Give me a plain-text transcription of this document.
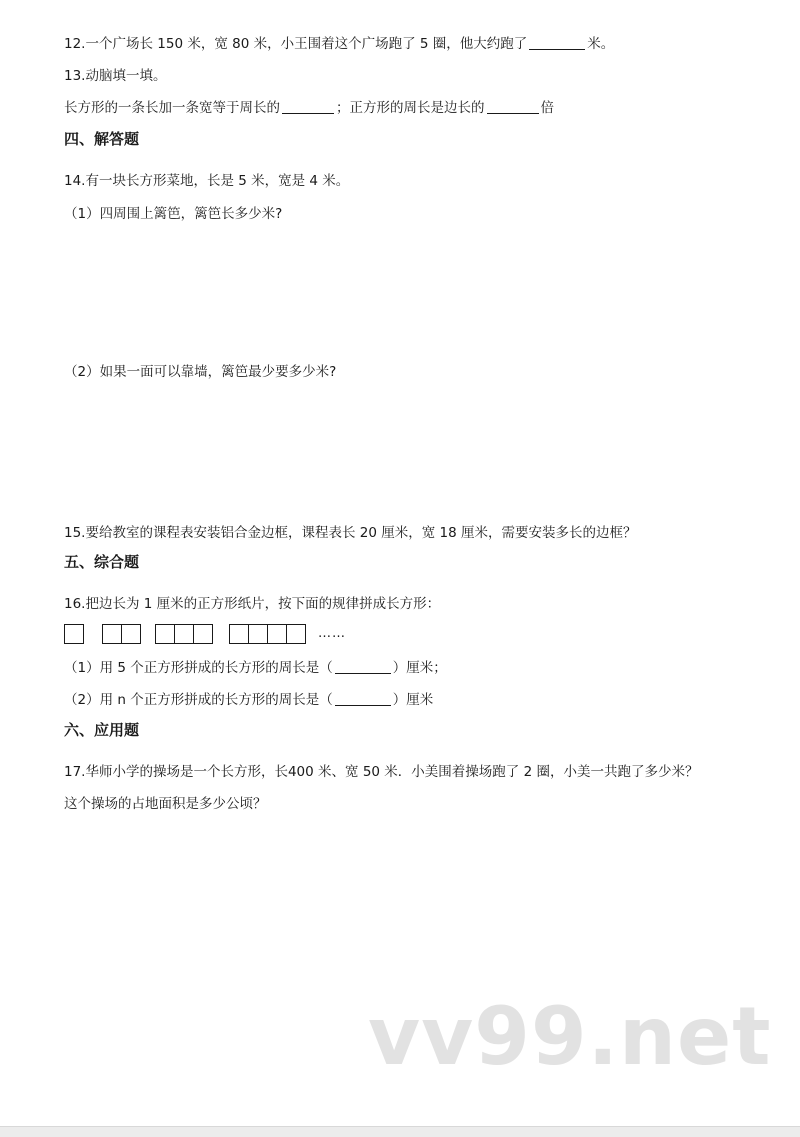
12.一个广场长 150 米，宽 80 米，小王围着这个广场跑了 5 圈，他大约跑了	米。
13.动脑填一填。
长方形的一条长加一条宽等于周长的	；正方形的周长是边长的	倍
四、解答题
14.有一块长方形菜地，长是 5 米，宽是 4 米。
（1）四周围上篱笆，篱笆长多少米?
（2）如果一面可以靠墙，篱笆最少要多少米?
15.要给教室的课程表安装铝合金边框，课程表长 20 厘米，宽 18 厘米，需要安装多长的边框？
五、综合题
16.把边长为 1 厘米的正方形纸片，按下面的规律拼成长方形：
……
（1）用 5 个正方形拼成的长方形的周长是（	）厘米；
（2）用 n 个正方形拼成的长方形的周长是（	）厘米
六、应用题
17.华师小学的操场是一个长方形，长400 米、宽 50 米．小美围着操场跑了 2 圈，小美一共跑了多少米？
这个操场的占地面积是多少公顷？
vv99.net
